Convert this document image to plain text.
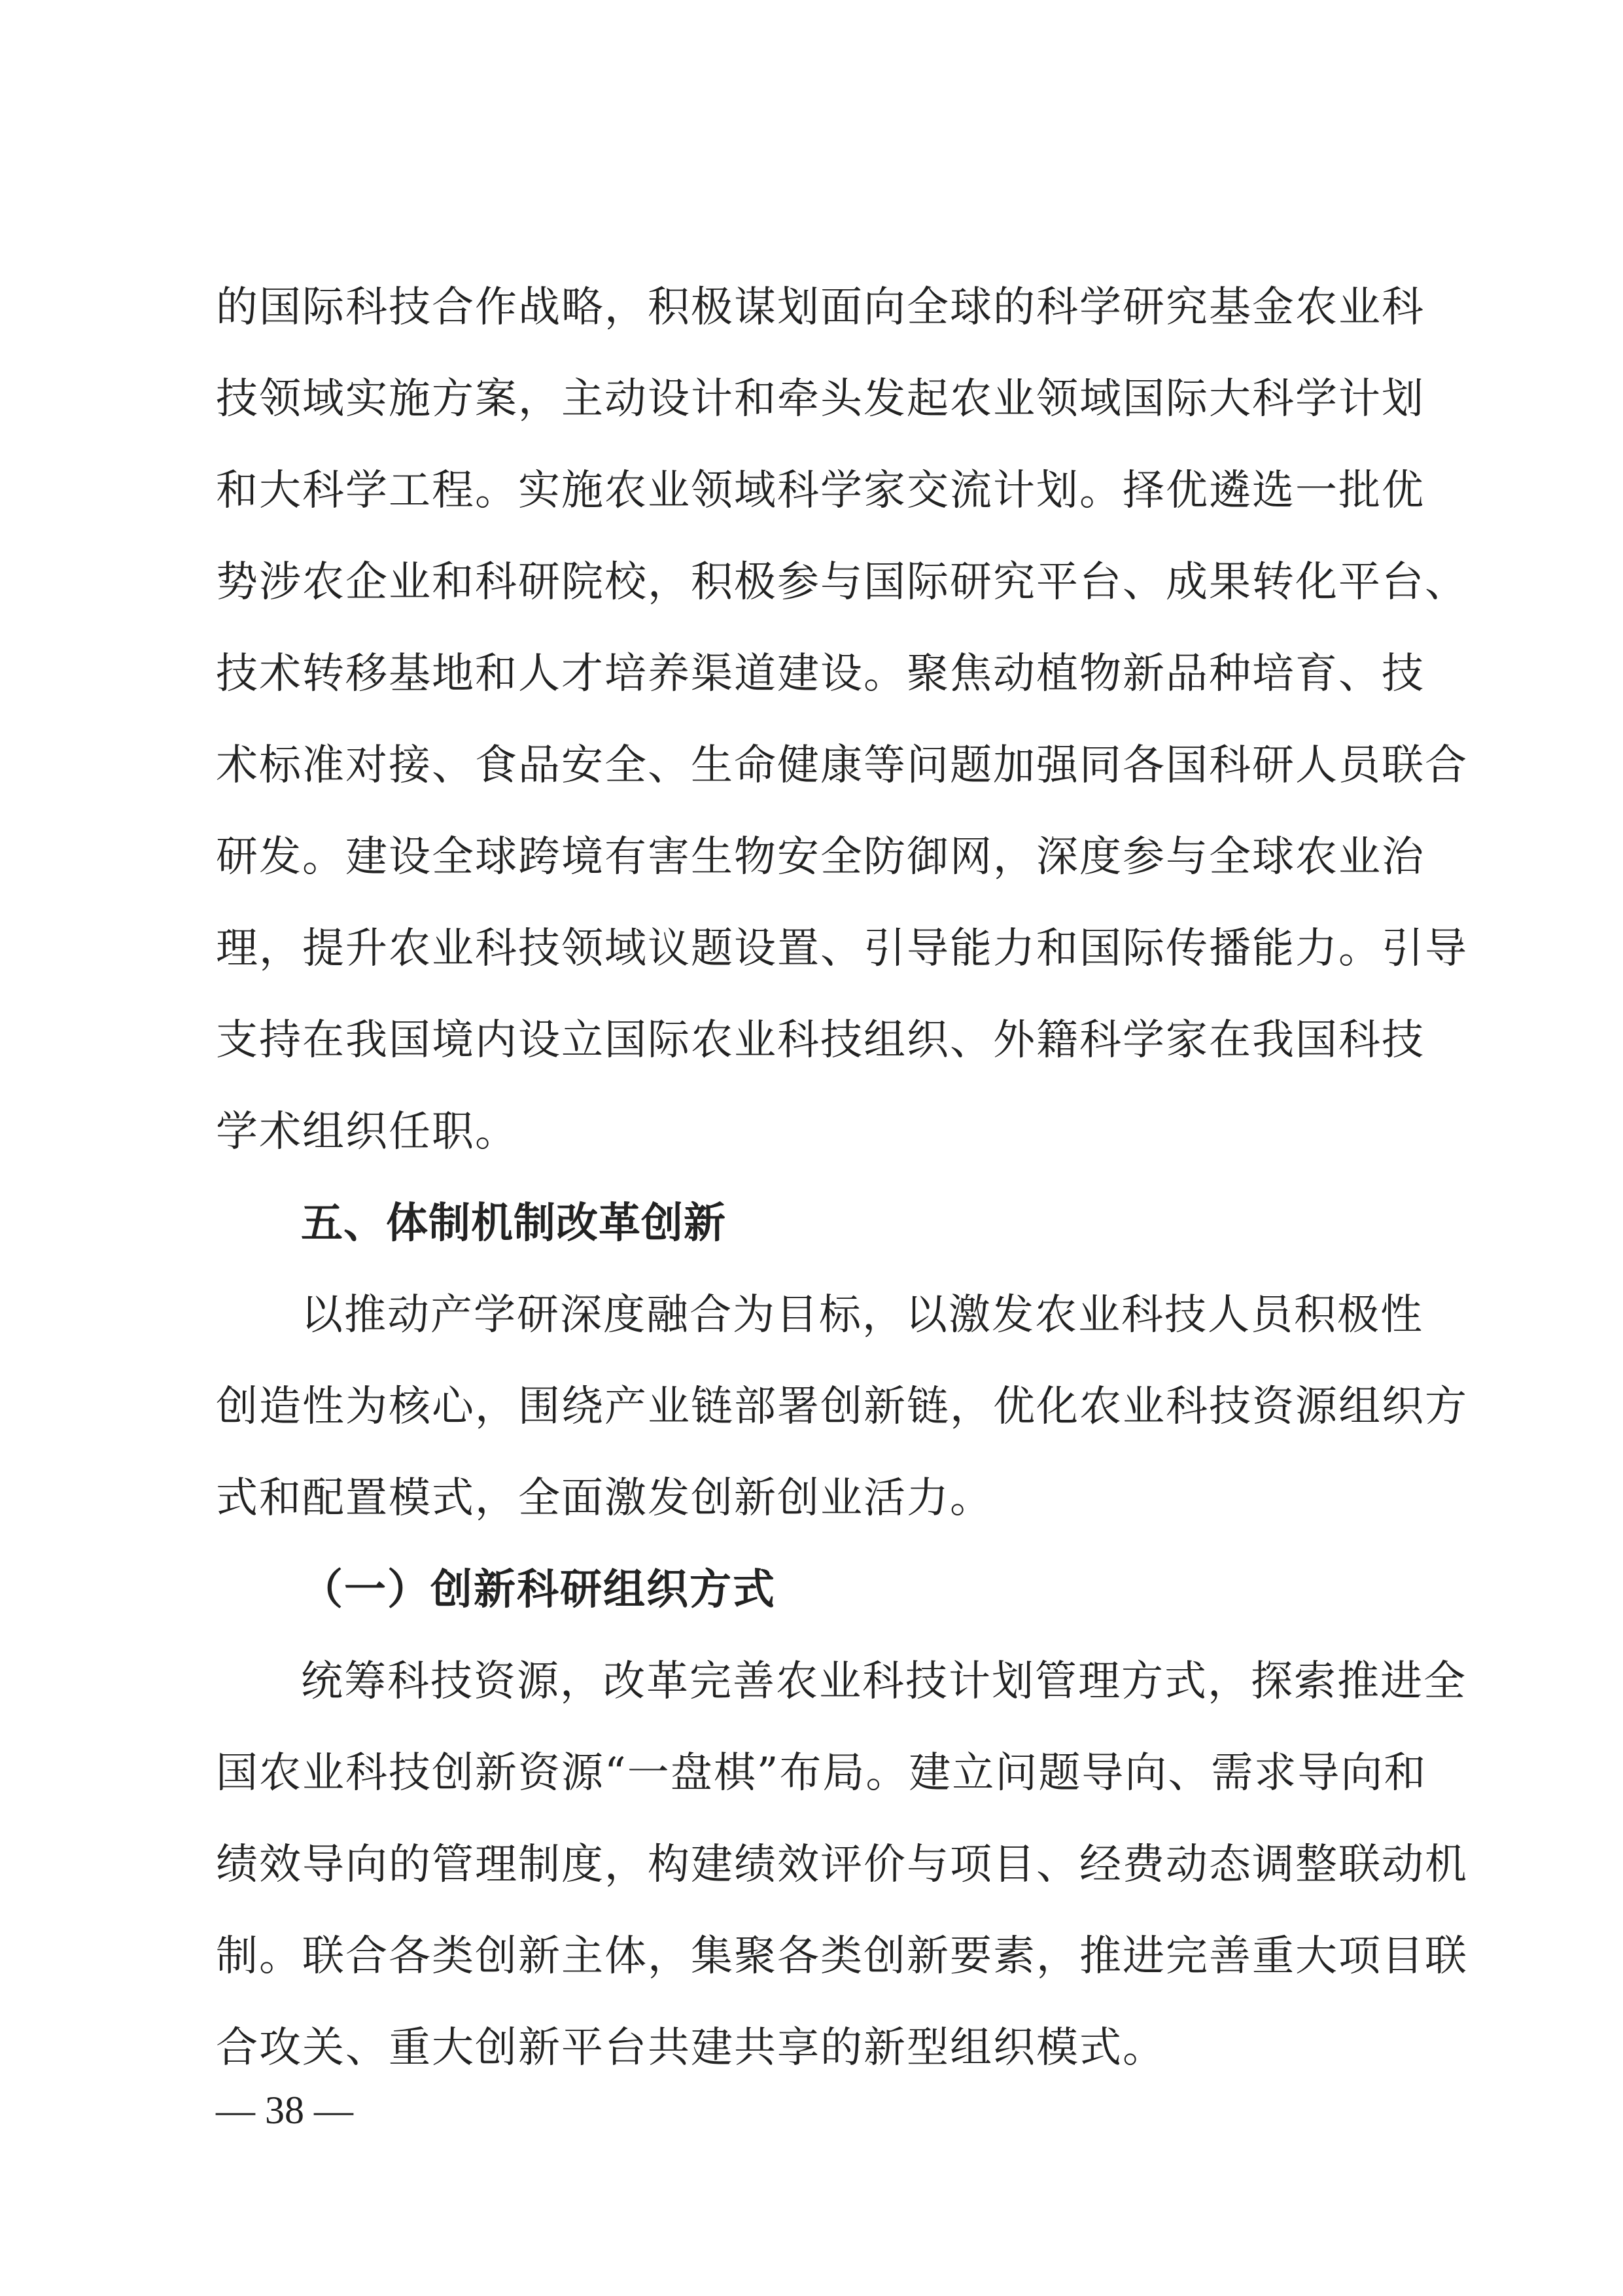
的国际科技合作战略，积极谋划面向全球的科学研究基金农业科
技领域实施方案，主动设计和牵头发起农业领域国际大科学计划
和大科学工程。实施农业领域科学家交流计划。择优遴选一批优
势涉农企业和科研院校，积极参与国际研究平台、成果转化平台、
技术转移基地和人才培养渠道建设。聚焦动植物新品种培育、技
术标准对接、食品安全、生命健康等问题加强同各国科研人员联合
研发。建设全球跨境有害生物安全防御网，深度参与全球农业治
理，提升农业科技领域议题设置、引导能力和国际传播能力。引导
支持在我国境内设立国际农业科技组织、外籍科学家在我国科技
学术组织任职。
五、体制机制改革创新
以推动产学研深度融合为目标，以激发农业科技人员积极性
创造性为核心，围绕产业链部署创新链，优化农业科技资源组织方
式和配置模式，全面激发创新创业活力。
（一）创新科研组织方式
统筹科技资源，改革完善农业科技计划管理方式，探索推进全
国农业科技创新资源“一盘棋”布局。建立问题导向、需求导向和
绩效导向的管理制度，构建绩效评价与项目、经费动态调整联动机
制。联合各类创新主体，集聚各类创新要素，推进完善重大项目联
合攻关、重大创新平台共建共享的新型组织模式。
— 38 —
